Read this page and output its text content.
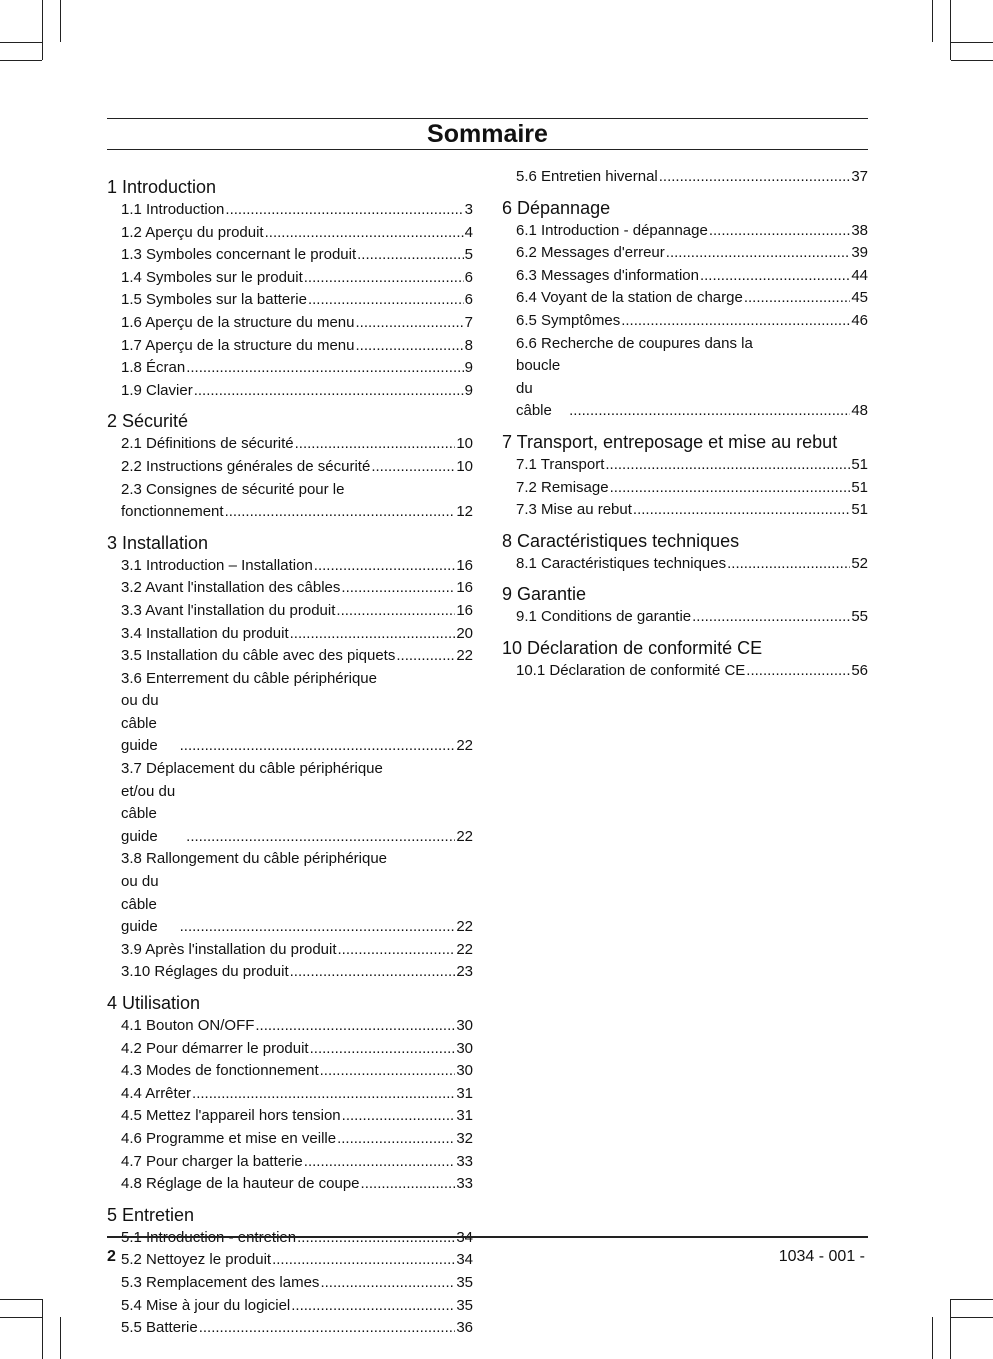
Sommaire
1 Introduction
1.1 Introduction .....	3
1.2 Aperçu du produit .....	4
1.3 Symboles concernant le produit .....	5
1.4 Symboles sur le produit .....	6
1.5 Symboles sur la batterie .....	6
1.6 Aperçu de la structure du menu .....	7
1.7 Aperçu de la structure du menu .....	8
1.8 Écran .....	9
1.9 Clavier .....	9
2 Sécurité
2.1 Définitions de sécurité .....	10
2.2 Instructions générales de sécurité .....	10
2.3 Consignes de sécurité pour le
fonctionnement .....	12
3 Installation
3.1 Introduction – Installation .....	16
3.2 Avant l'installation des câbles .....	16
3.3 Avant l'installation du produit .....	16
3.4 Installation du produit .....	20
3.5 Installation du câble avec des piquets .....	22
3.6 Enterrement du câble périphérique
ou du câble guide .....	22
3.7 Déplacement du câble périphérique
et/ou du câble guide .....	22
3.8 Rallongement du câble périphérique
ou du câble guide .....	22
3.9 Après l'installation du produit .....	22
3.10 Réglages du produit .....	23
4 Utilisation
4.1 Bouton ON/OFF .....	30
4.2 Pour démarrer le produit .....	30
4.3 Modes de fonctionnement .....	30
4.4 Arrêter .....	31
4.5 Mettez l'appareil hors tension .....	31
4.6 Programme et mise en veille .....	32
4.7 Pour charger la batterie .....	33
4.8 Réglage de la hauteur de coupe .....	33
5 Entretien
5.1 Introduction - entretien .....	34
5.2 Nettoyez le produit .....	34
5.3 Remplacement des lames .....	35
5.4 Mise à jour du logiciel .....	35
5.5 Batterie .....	36
5.6 Entretien hivernal .....	37
6 Dépannage
6.1 Introduction - dépannage .....	38
6.2 Messages d'erreur .....	39
6.3 Messages d'information .....	44
6.4 Voyant de la station de charge .....	45
6.5 Symptômes .....	46
6.6 Recherche de coupures dans la
boucle du câble .....	48
7 Transport, entreposage et mise au rebut
7.1 Transport .....	51
7.2 Remisage .....	51
7.3 Mise au rebut .....	51
8 Caractéristiques techniques
8.1 Caractéristiques techniques .....	52
9 Garantie
9.1 Conditions de garantie .....	55
10 Déclaration de conformité CE
10.1 Déclaration de conformité CE .....	56
2	1034 - 001 -
